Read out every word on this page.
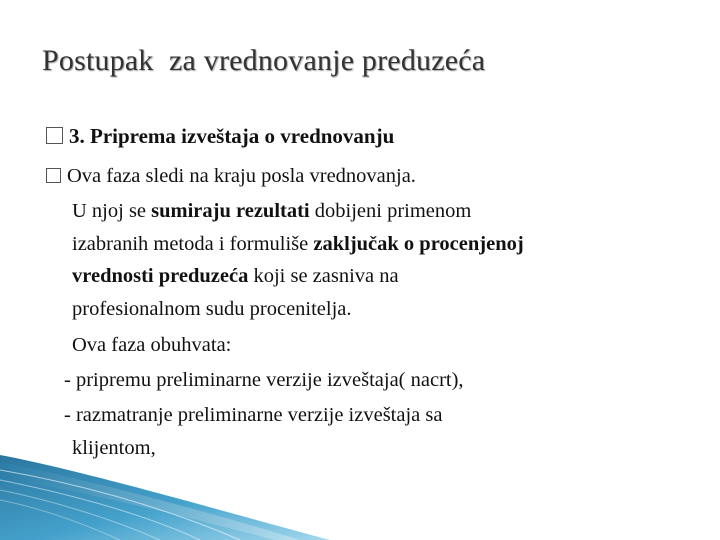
Postupak  za vrednovanje preduzeća
3. Priprema izveštaja o vrednovanju
Ova faza sledi na kraju posla vrednovanja.
U njoj se sumiraju rezultati dobijeni primenom
izabranih metoda i formuliše zaključak o procenjenoj
vrednosti preduzeća koji se zasniva na
profesionalnom sudu procenitelja.
Ova faza obuhvata:
- pripremu preliminarne verzije izveštaja( nacrt),
- razmatranje preliminarne verzije izveštaja sa
klijentom,
